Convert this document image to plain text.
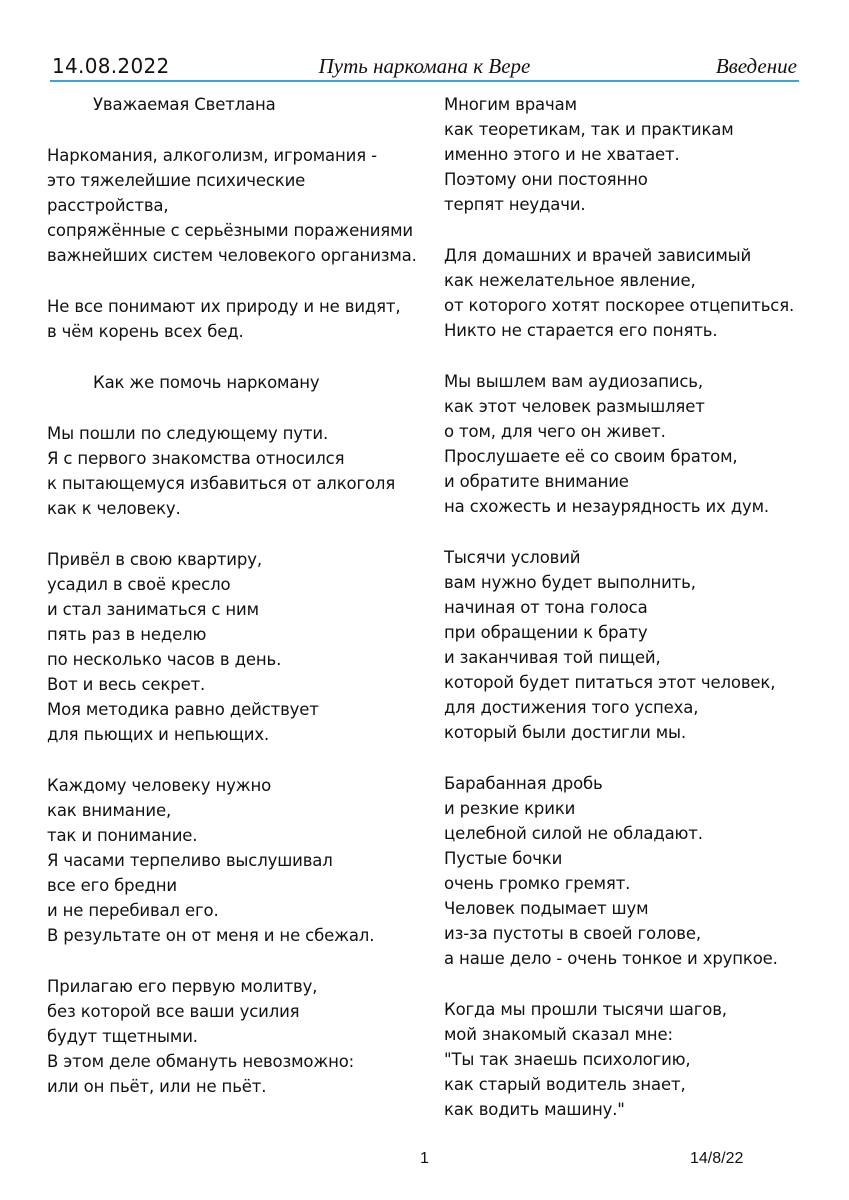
14.08.2022	Путь наркомана к Вере	Введение
Уважаемая Светлана
Наркомания, алкоголизм, игромания -
это тяжелейшие психические
расстройства,
сопряжённые с серьёзными поражениями
важнейших систем человекого организма.
Не все понимают их природу и не видят,
в чём корень всех бед.
Как же помочь наркоману
Мы пошли по следующему пути.
Я с первого знакомства относился
к пытающемуся избавиться от алкоголя
как к человеку.
Привёл в свою квартиру,
усадил в своё кресло
и стал заниматься с ним
пять раз в неделю
по несколько часов в день.
Вот и весь секрет.
Моя методика равно действует
для пьющих и непьющих.
Каждому человеку нужно
как внимание,
так и понимание.
Я часами терпеливо выслушивал
все его бредни
и не перебивал его.
В результате он от меня и не сбежал.
Прилагаю его первую молитву,
без которой все ваши усилия
будут тщетными.
В этом деле обмануть невозможно:
или он пьёт, или не пьёт.
Многим врачам
как теоретикам, так и практикам
именно этого и не хватает.
Поэтому они постоянно
терпят неудачи.
Для домашних и врачей зависимый
как нежелательное явление,
от которого хотят поскорее отцепиться.
Никто не старается его понять.
Мы вышлем вам аудиозапись,
как этот человек размышляет
о том, для чего он живет.
Прослушаете её со своим братом,
и обратите внимание
на схожесть и незаурядность их дум.
Тысячи условий
вам нужно будет выполнить,
начиная от тона голоса
при обращении к брату
и заканчивая той пищей,
которой будет питаться этот человек,
для достижения того успеха,
который были достигли мы.
Барабанная дробь
и резкие крики
целебной силой не обладают.
Пустые бочки
очень громко гремят.
Человек подымает шум
из-за пустоты в своей голове,
а наше дело - очень тонкое и хрупкое.
Когда мы прошли тысячи шагов,
мой знакомый сказал мне:
"Ты так знаешь психологию,
как старый водитель знает,
как водить машину."
1	14/8/22
